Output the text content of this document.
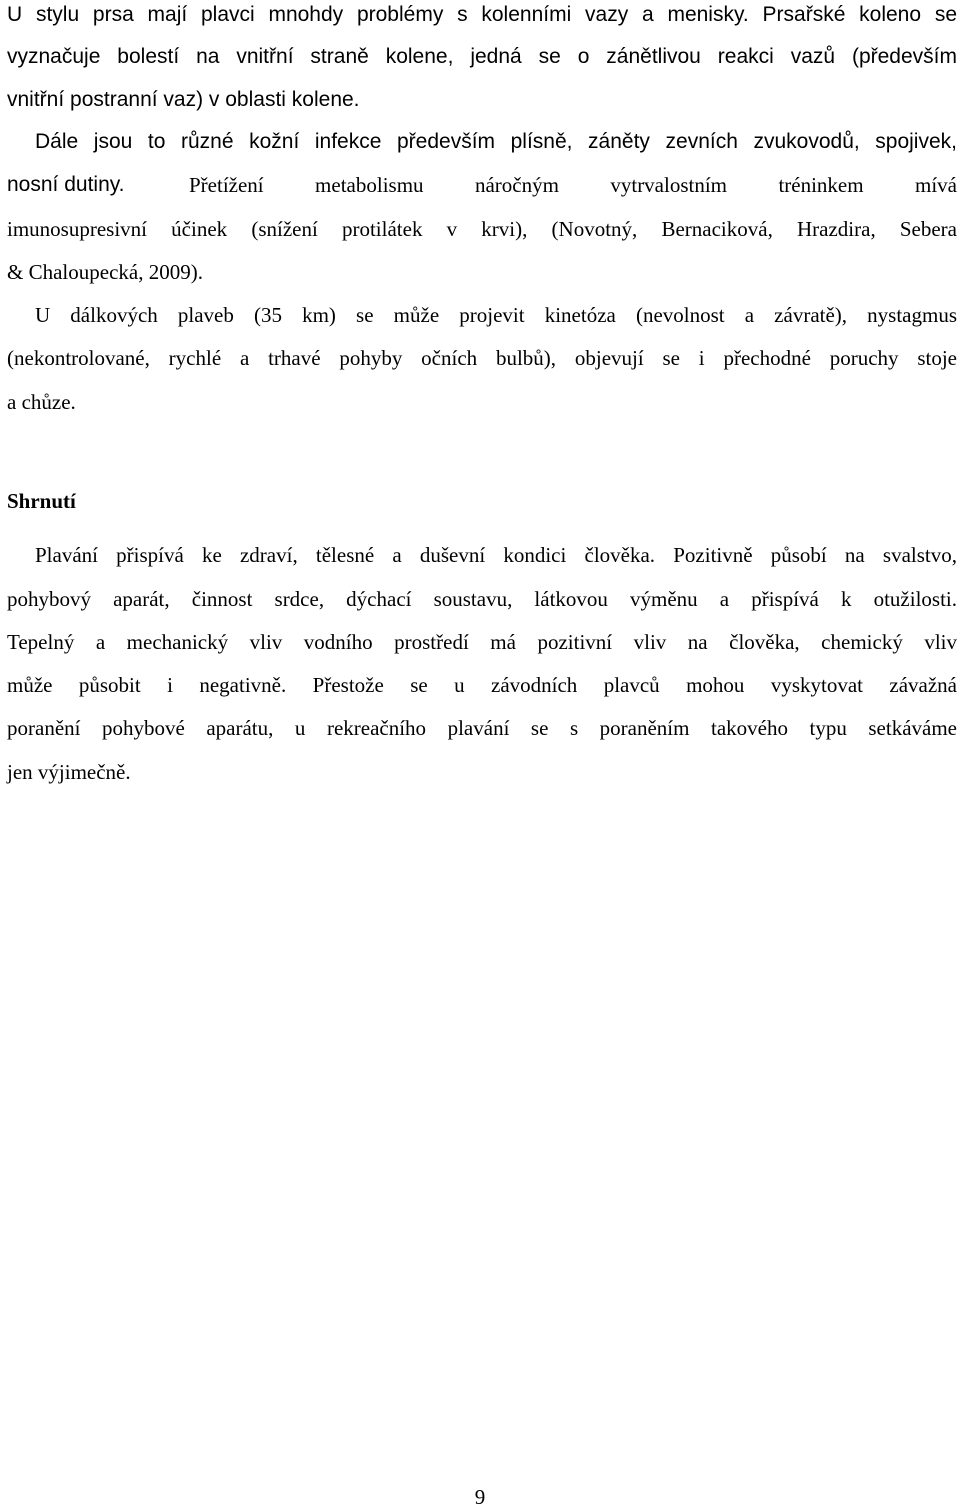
U stylu prsa mají plavci mnohdy problémy s kolenními vazy a menisky. Prsařské koleno se
vyznačuje bolestí na vnitřní straně kolene, jedná se o zánětlivou reakci vazů (především
vnitřní postranní vaz) v oblasti kolene.
Dále jsou to různé kožní infekce především plísně, záněty zevních zvukovodů, spojivek,
nosní dutiny.	Přetížení metabolismu náročným vytrvalostním tréninkem mívá
imunosupresivní účinek (snížení protilátek v krvi), (Novotný, Bernaciková, Hrazdira, Sebera
& Chaloupecká, 2009).
U dálkových plaveb (35 km) se může projevit kinetóza (nevolnost a závratě), nystagmus
(nekontrolované, rychlé a trhavé pohyby očních bulbů), objevují se i přechodné poruchy stoje
a chůze.
Shrnutí
Plavání přispívá ke zdraví, tělesné a duševní kondici člověka. Pozitivně působí na svalstvo,
pohybový aparát, činnost srdce, dýchací soustavu, látkovou výměnu a přispívá k otužilosti.
Tepelný a mechanický vliv vodního prostředí má pozitivní vliv na člověka, chemický vliv
může působit i negativně. Přestože se u závodních plavců mohou vyskytovat závažná
poranění pohybové aparátu, u rekreačního plavání se s poraněním takového typu setkáváme
jen výjimečně.
9
